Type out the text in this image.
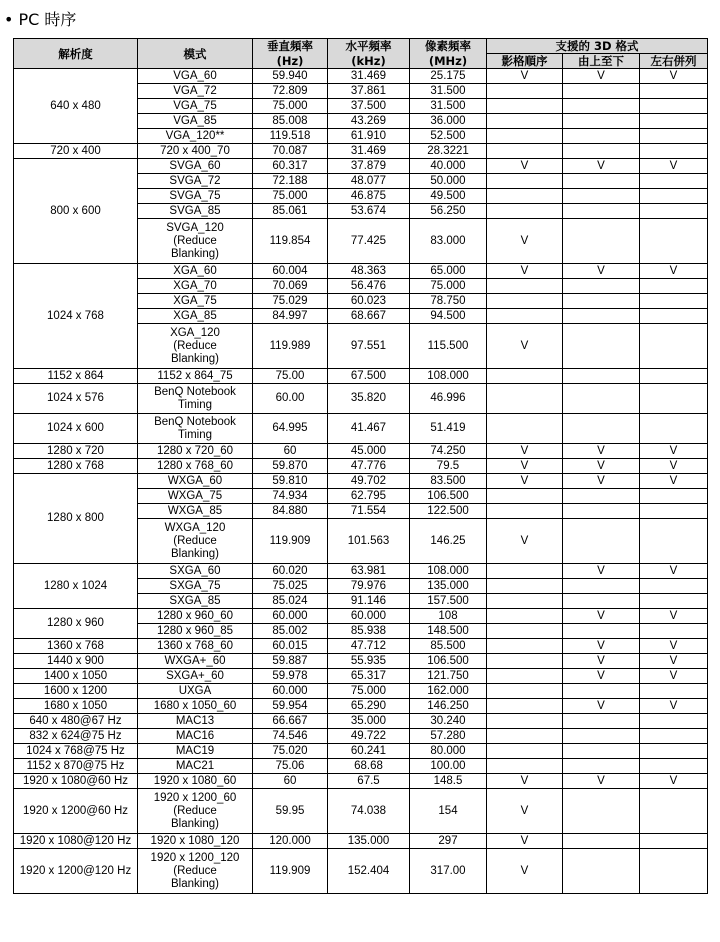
• PC 時序
解析度	模式	垂直頻率	水平頻率	像素頻率	支援的 3D 格式		
		(Hz)	(kHz)	(MHz)	影格順序	由上至下	左右併列
640 x 480	VGA_60	59.940	31.469	25.175	V	V	V
	VGA_72	72.809	37.861	31.500			
	VGA_75	75.000	37.500	31.500			
	VGA_85	85.008	43.269	36.000			
	VGA_120**	119.518	61.910	52.500			
720 x 400	720 x 400_70	70.087	31.469	28.3221			
800 x 600	SVGA_60	60.317	37.879	40.000	V	V	V
	SVGA_72	72.188	48.077	50.000			
	SVGA_75	75.000	46.875	49.500			
	SVGA_85	85.061	53.674	56.250			
	SVGA_120
(Reduce
Blanking)	119.854	77.425	83.000	V		
1024 x 768	XGA_60	60.004	48.363	65.000	V	V	V
	XGA_70	70.069	56.476	75.000			
	XGA_75	75.029	60.023	78.750			
	XGA_85	84.997	68.667	94.500			
	XGA_120
(Reduce
Blanking)	119.989	97.551	115.500	V		
1152 x 864	1152 x 864_75	75.00	67.500	108.000			
1024 x 576	BenQ Notebook
Timing	60.00	35.820	46.996			
1024 x 600	BenQ Notebook
Timing	64.995	41.467	51.419			
1280 x 720	1280 x 720_60	60	45.000	74.250	V	V	V
1280 x 768	1280 x 768_60	59.870	47.776	79.5	V	V	V
1280 x 800	WXGA_60	59.810	49.702	83.500	V	V	V
	WXGA_75	74.934	62.795	106.500			
	WXGA_85	84.880	71.554	122.500			
	WXGA_120
(Reduce
Blanking)	119.909	101.563	146.25	V		
1280 x 1024	SXGA_60	60.020	63.981	108.000		V	V
	SXGA_75	75.025	79.976	135.000			
	SXGA_85	85.024	91.146	157.500			
1280 x 960	1280 x 960_60	60.000	60.000	108		V	V
	1280 x 960_85	85.002	85.938	148.500			
1360 x 768	1360 x 768_60	60.015	47.712	85.500		V	V
1440 x 900	WXGA+_60	59.887	55.935	106.500		V	V
1400 x 1050	SXGA+_60	59.978	65.317	121.750		V	V
1600 x 1200	UXGA	60.000	75.000	162.000			
1680 x 1050	1680 x 1050_60	59.954	65.290	146.250		V	V
640 x 480@67 Hz	MAC13	66.667	35.000	30.240			
832 x 624@75 Hz	MAC16	74.546	49.722	57.280			
1024 x 768@75 Hz	MAC19	75.020	60.241	80.000			
1152 x 870@75 Hz	MAC21	75.06	68.68	100.00			
1920 x 1080@60 Hz	1920 x 1080_60	60	67.5	148.5	V	V	V
1920 x 1200@60 Hz	1920 x 1200_60
(Reduce
Blanking)	59.95	74.038	154	V		
1920 x 1080@120 Hz	1920 x 1080_120	120.000	135.000	297	V		
1920 x 1200@120 Hz	1920 x 1200_120
(Reduce
Blanking)	119.909	152.404	317.00	V		
